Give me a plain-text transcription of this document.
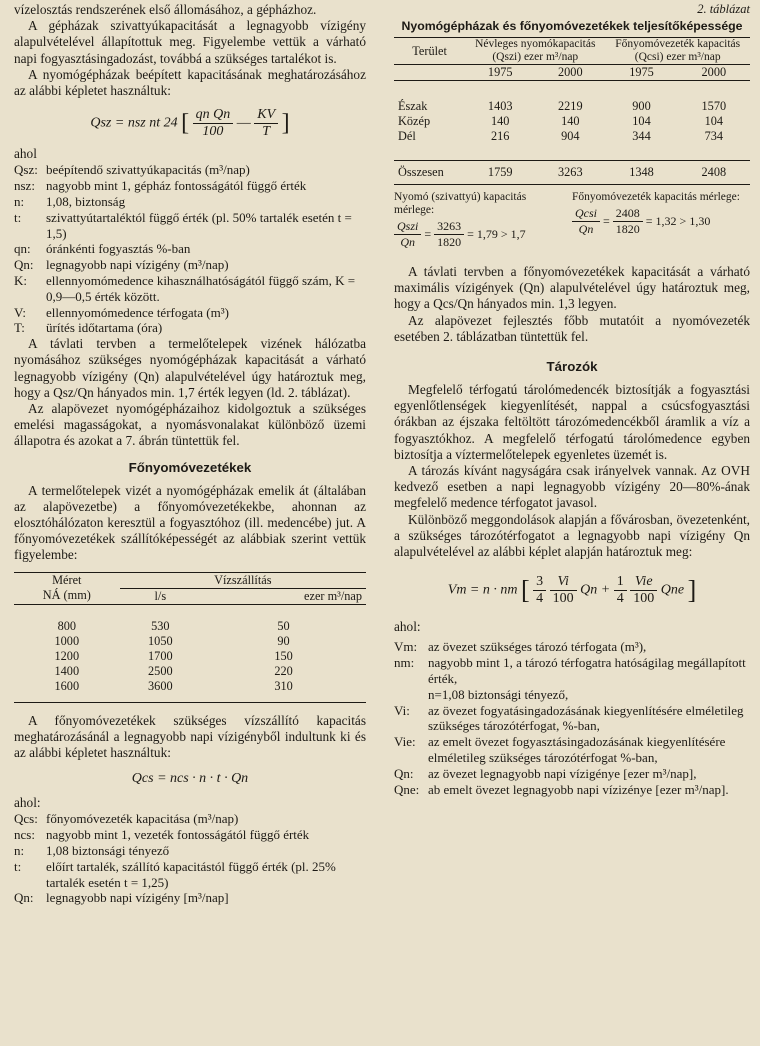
vízelosztás rendszerének első állomásához, a gépházhoz.

A gépházak szivattyúkapacitását a legnagyobb vízigény alapulvételével állapítottuk meg. Figyelembe vettük a várható napi fogyasztásingadozást, továbbá a szükséges tartalékot is.

A nyomógépházak beépített kapacitásának meghatározásához az alábbi képletet használtuk:

Qsz = nsz nt 24 [ $\frac{\text{qn Qn}}{100}$ — $\frac{KV}{T}$ ]

ahol

Qsz: beépítendő szivattyúkapacitás (m³/nap)
nsz: nagyobb mint 1, gépház fontosságától függő érték
n:	1,08, biztonság
t:	szivattyútartaléktól függő érték (pl. 50% tartalék esetén t = 1,5)
qn:	óránkénti fogyasztás %-ban
Qn: legnagyobb napi vízigény (m³/nap)
K:	ellennyomómedence kihasználhatóságától függő szám, K = 0,9—0,5 érték között.
V:	ellennyomómedence térfogata (m³)
T:	ürítés időtartama (óra)

A távlati tervben a termelőtelepek vizének hálózatba nyomásához szükséges nyomógépházak kapacitását a várható legnagyobb vízigény (Qn) alapulvételével úgy határoztuk meg, hogy a Qsz/Qn hányados min. 1,7 érték legyen (ld. 2. táblázat).

Az alapövezet nyomógépházaihoz kidolgoztuk a szükséges emelési magasságokat, a nyomásvonalakat különböző üzemi állapotra és azokat a 7. ábrán tüntettük fel.

Főnyomóvezetékek

A termelőtelepek vizét a nyomógépházak emelik át (általában az alapövezetbe) a főnyomóvezetékekbe, ahonnan az elosztóhálózaton keresztül a fogyasztóhoz (ill. medencébe) jut. A főnyomóvezetékek szállítóképességét az alábbiak szerint vettük figyelembe:

Méret	Vízszállítás	
NÁ (mm)	l/s	ezer m³/nap
800	530	50
1000	1050	90
1200	1700	150
1400	2500	220
1600	3600	310

A főnyomóvezetékek szükséges vízszállító kapacitás meghatározásánál a legnagyobb napi vízigényből indultunk ki és az alábbi képletet használtuk:

Qcs = ncs · n · t · Qn

ahol:

Qcs: főnyomóvezeték kapacitása (m³/nap)
ncs: nagyobb mint 1, vezeték fontosságától függő érték
n:	1,08 biztonsági tényező
t:	előírt tartalék, szállító kapacitástól függő érték (pl. 25% tartalék esetén t = 1,25)
Qn: legnagyobb napi vízigény [m³/nap]
2. táblázat
Nyomógépházak és főnyomóvezetékek teljesítőképessége

Terület	Névleges nyomókapacitás (Qszi) ezer m³/nap		Főnyomóvezeték kapacitás (Qcsi) ezer m³/nap	
	1975	2000	1975	2000

Észak	1403	2219	900	1570
Közép	140	140	104	104
Dél	216	904	344	734

Összesen	1759	3263	1348	2408

Nyomó (szivattyú) kapacitás mérlege:
Qszi
Qn
= $\frac{3263}{1820} = 1,79 > 1,7$
Főnyomóvezeték kapacitás mérlege:
Qcsi
Qn
= $\frac{2408}{1820} = 1,32 > 1,30$

A távlati tervben a főnyomóvezetékek kapacitását a várható maximális vízigények (Qn) alapulvételével úgy határoztuk meg, hogy a Qcs/Qn hányados min. 1,3 legyen.

Az alapövezet fejlesztés főbb mutatóit a nyomóvezeték esetében 2. táblázatban tüntettük fel.

Tározók

Megfelelő térfogatú tárolómedencék biztosítják a fogyasztási egyenlőtlenségek kiegyenlítését, nappal a csúcsfogyasztási órákban az éjszaka feltöltött tározómedencékből áramlik a víz a fogyasztókhoz. A megfelelő térfogatú tárolómedence egyben biztosítja a víztermelőtelepek egyenletes üzemét is.

A tározás kívánt nagyságára csak irányelvek vannak. Az OVH kedvező esetben a napi legnagyobb vízigény 20—80%-ának megfelelő medence térfogatot javasol.

Különböző meggondolások alapján a fővárosban, övezetenként, a szükséges tározótérfogatot a legnagyobb napi vízigény Qn alapulvételével az alábbi képlet alapján határoztuk meg:

Vm = n · nm [ $\frac{3}{4}$
$\frac{Vi}{100}$ $Qn + \frac{1}{4}$
Vie
100
Qne ]

ahol:

Vm: az övezet szükséges tározó térfogata (m³),
nm:	nagyobb mint 1, a tározó térfogatra hatóságilag megállapított érték,
n=1,08 biztonsági tényező,
Vi:	az övezet fogyatásingadozásának kiegyenlítésére elméletileg szükséges tározótérfogat, %-ban,
Vie: az emelt övezet fogyasztásingadozásának kiegyenlítésére elméletileg szükséges tározótérfogat %-ban,
Qn:	az övezet legnagyobb napi vízigénye [ezer m³/nap],
Qne: ab emelt övezet legnagyobb napi vízizénye [ezer m³/nap].
